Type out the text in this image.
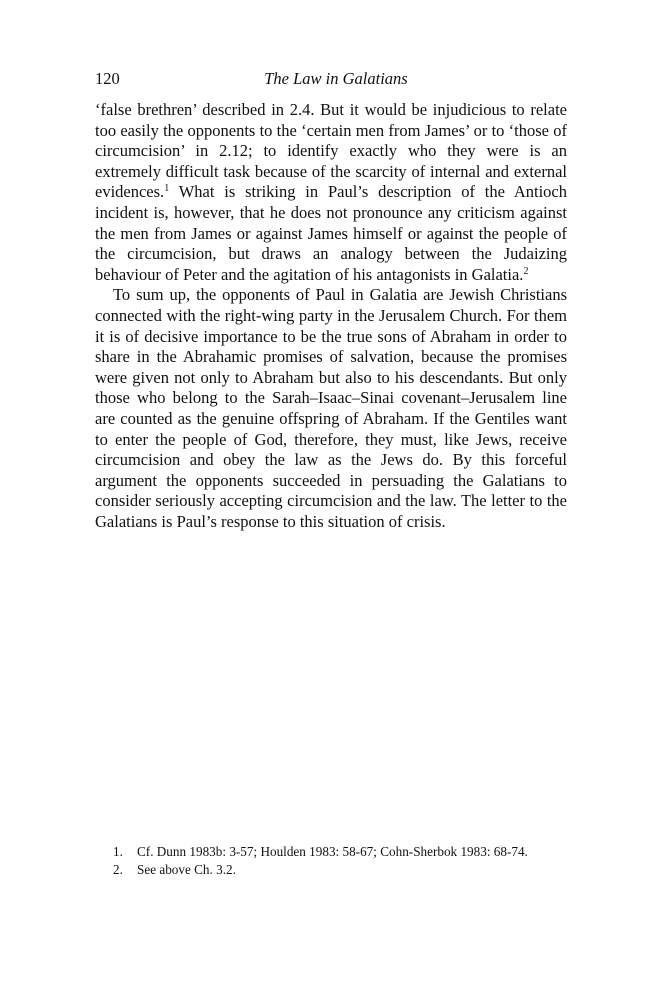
120	The Law in Galatians

‘false brethren’ described in 2.4. But it would be injudicious to relate too easily the opponents to the ‘certain men from James’ or to ‘those of circumcision’ in 2.12; to identify exactly who they were is an extremely difficult task because of the scarcity of internal and external evidences.$^1$ What is striking in Paul’s description of the Antioch incident is, however, that he does not pronounce any criticism against the men from James or against James himself or against the people of the circumcision, but draws an analogy between the Judaizing behaviour of Peter and the agitation of his antagonists in Galatia.$^2$

To sum up, the opponents of Paul in Galatia are Jewish Christians connected with the right-wing party in the Jerusalem Church. For them it is of decisive importance to be the true sons of Abraham in order to share in the Abrahamic promises of salvation, because the promises were given not only to Abraham but also to his descendants. But only those who belong to the Sarah–Isaac–Sinai covenant–Jerusalem line are counted as the genuine offspring of Abraham. If the Gentiles want to enter the people of God, therefore, they must, like Jews, receive circumcision and obey the law as the Jews do. By this forceful argument the opponents succeeded in persuading the Galatians to consider seriously accepting circumcision and the law. The letter to the Galatians is Paul’s response to this situation of crisis.

1.	Cf. Dunn 1983b: 3-57; Houlden 1983: 58-67; Cohn-Sherbok 1983: 68-74.
2.	See above Ch. 3.2.
